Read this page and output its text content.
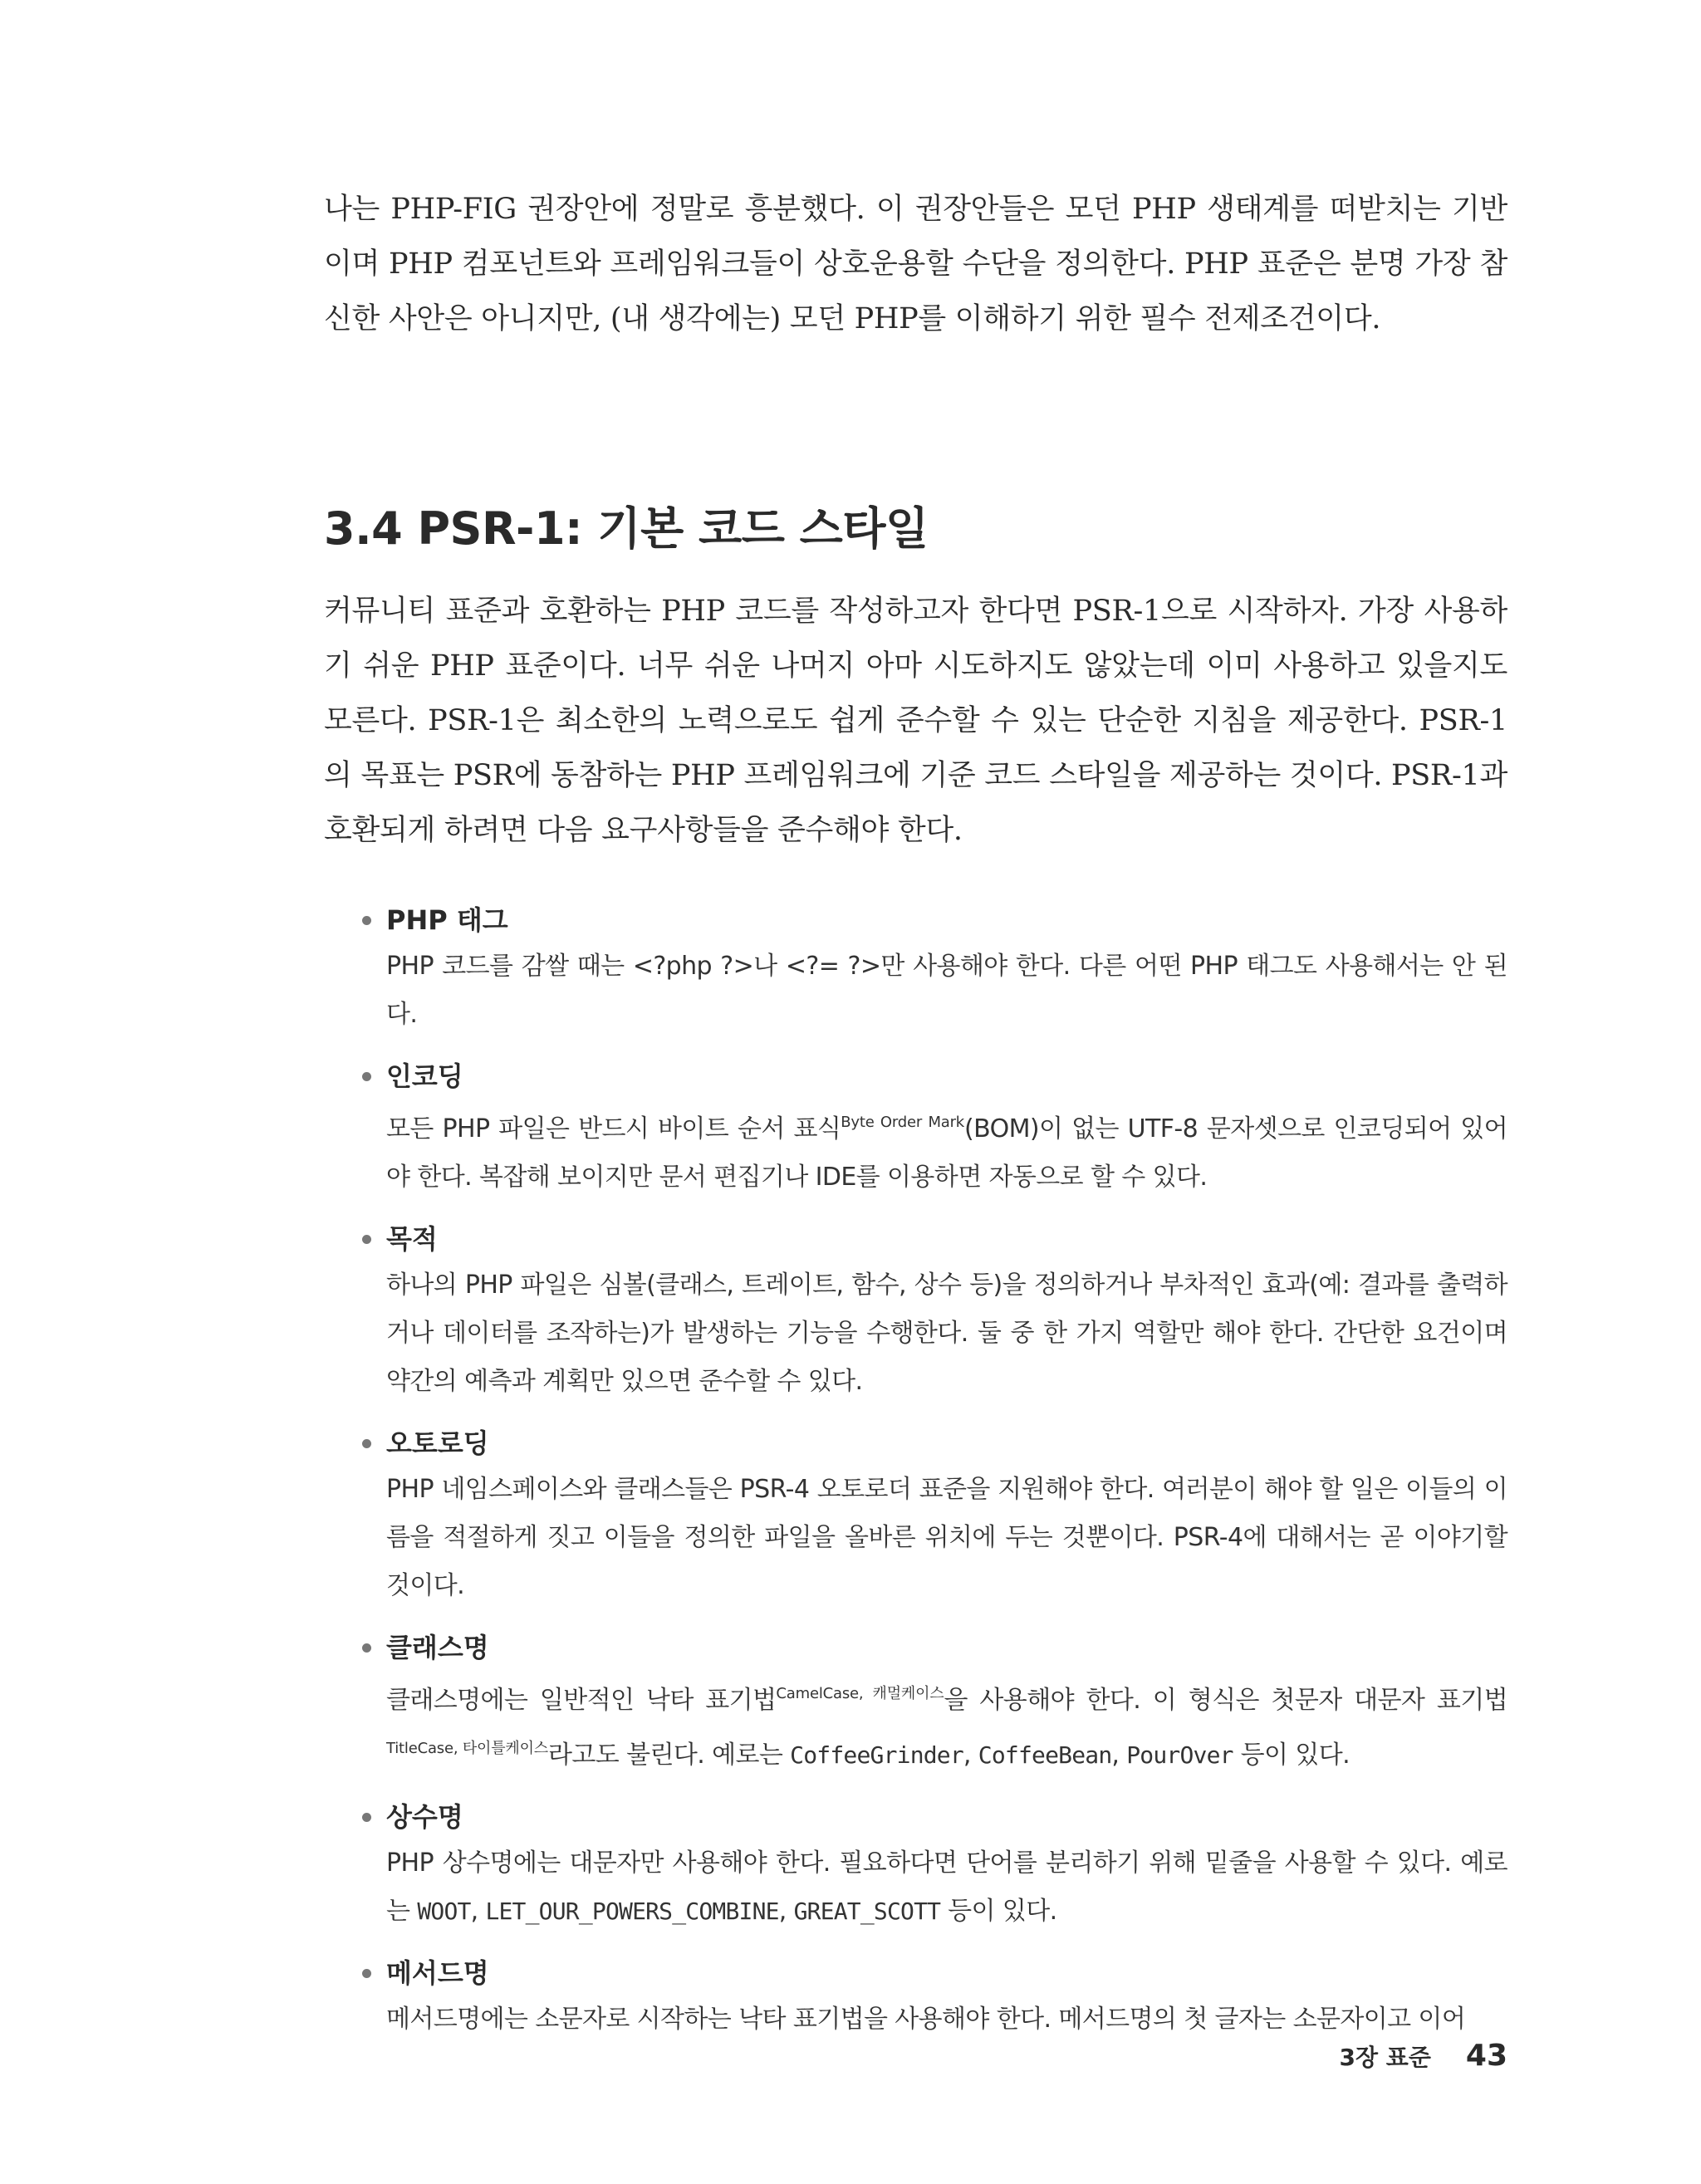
나는 PHP-FIG 권장안에 정말로 흥분했다. 이 권장안들은 모던 PHP 생태계를 떠받치는 기반이며 PHP 컴포넌트와 프레임워크들이 상호운용할 수단을 정의한다. PHP 표준은 분명 가장 참신한 사안은 아니지만, (내 생각에는) 모던 PHP를 이해하기 위한 필수 전제조건이다.

3.4 PSR-1: 기본 코드 스타일

커뮤니티 표준과 호환하는 PHP 코드를 작성하고자 한다면 PSR-1으로 시작하자. 가장 사용하기 쉬운 PHP 표준이다. 너무 쉬운 나머지 아마 시도하지도 않았는데 이미 사용하고 있을지도 모른다. PSR-1은 최소한의 노력으로도 쉽게 준수할 수 있는 단순한 지침을 제공한다. PSR-1의 목표는 PSR에 동참하는 PHP 프레임워크에 기준 코드 스타일을 제공하는 것이다. PSR-1과 호환되게 하려면 다음 요구사항들을 준수해야 한다.

PHP 태그

PHP 코드를 감쌀 때는 <?php ?>나 <?= ?>만 사용해야 한다. 다른 어떤 PHP 태그도 사용해서는 안 된다.

인코딩

모든 PHP 파일은 반드시 바이트 순서 표식$^{Byte Order Mark}$(BOM)이 없는 UTF-8 문자셋으로 인코딩되어 있어야 한다. 복잡해 보이지만 문서 편집기나 IDE를 이용하면 자동으로 할 수 있다.

목적

하나의 PHP 파일은 심볼(클래스, 트레이트, 함수, 상수 등)을 정의하거나 부차적인 효과(예: 결과를 출력하거나 데이터를 조작하는)가 발생하는 기능을 수행한다. 둘 중 한 가지 역할만 해야 한다. 간단한 요건이며 약간의 예측과 계획만 있으면 준수할 수 있다.

오토로딩

PHP 네임스페이스와 클래스들은 PSR-4 오토로더 표준을 지원해야 한다. 여러분이 해야 할 일은 이들의 이름을 적절하게 짓고 이들을 정의한 파일을 올바른 위치에 두는 것뿐이다. PSR-4에 대해서는 곧 이야기할 것이다.

클래스명

클래스명에는 일반적인 낙타 표기법$^{CamelCase, 캐멀케이스}$을 사용해야 한다. 이 형식은 첫문자 대문자 표기법$^{TitleCase, 타이틀케이스}$라고도 불린다. 예로는 CoffeeGrinder, CoffeeBean, PourOver 등이 있다.

상수명

PHP 상수명에는 대문자만 사용해야 한다. 필요하다면 단어를 분리하기 위해 밑줄을 사용할 수 있다. 예로는 WOOT, LET_OUR_POWERS_COMBINE, GREAT_SCOTT 등이 있다.

메서드명

메서드명에는 소문자로 시작하는 낙타 표기법을 사용해야 한다. 메서드명의 첫 글자는 소문자이고 이어

3장 표준 43
